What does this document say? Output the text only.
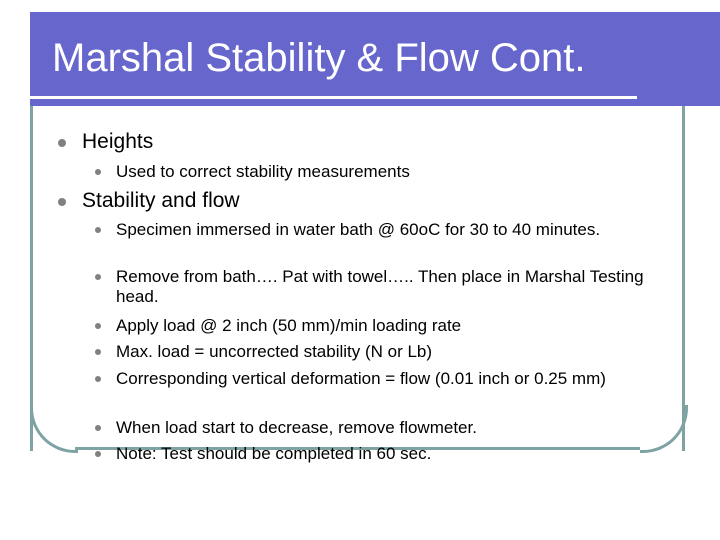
Marshal Stability & Flow Cont.
Heights
Used to correct stability measurements
Stability and flow
Specimen immersed in water bath @ 60oC for 30 to 40 minutes.
Remove from bath…. Pat with towel….. Then place in Marshal Testing head.
Apply load @ 2 inch (50 mm)/min loading rate
Max. load = uncorrected stability (N or Lb)
Corresponding vertical deformation = flow (0.01 inch or 0.25 mm)
When load start to decrease, remove flowmeter.
Note: Test should be completed in 60 sec.
